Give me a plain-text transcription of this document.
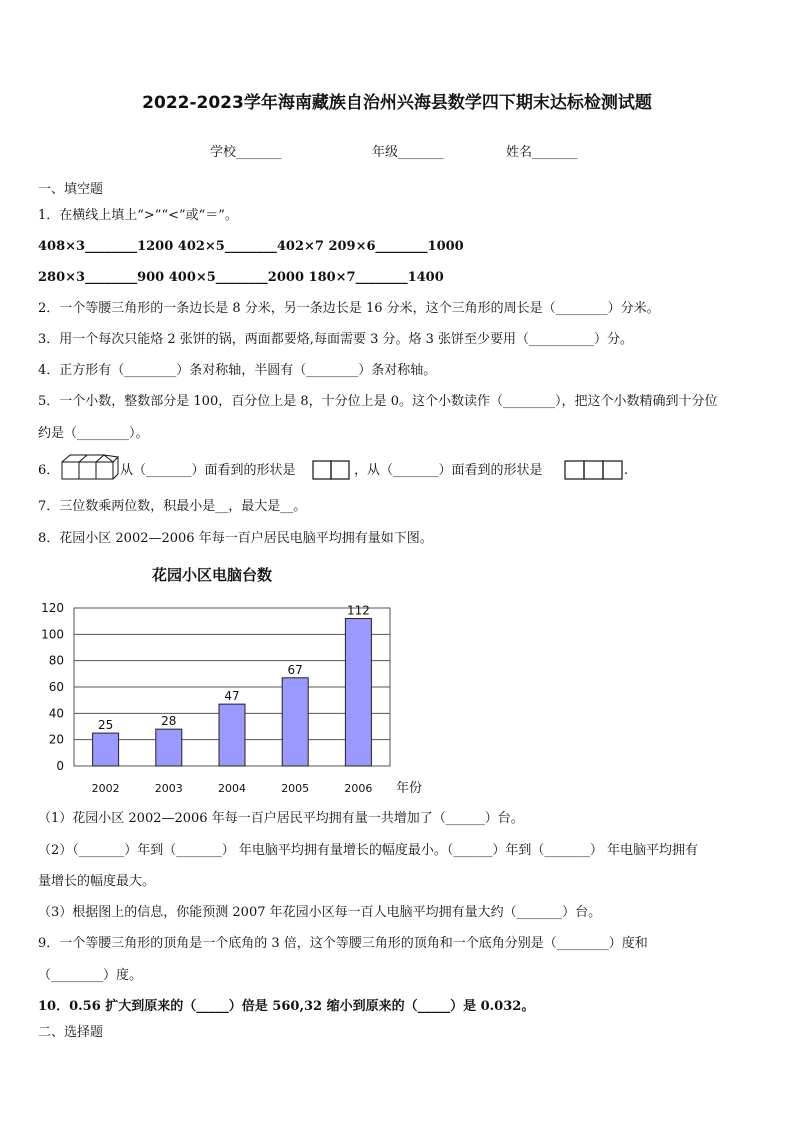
2022-2023学年海南藏族自治州兴海县数学四下期末达标检测试题
学校_______	年级_______	姓名_______
一、填空题
1．在横线上填上“>”“<”或“＝”。
408×3________1200 402×5________402×7 209×6________1000
280×3________900 400×5________2000 180×7________1400
2．一个等腰三角形的一条边长是 8 分米，另一条边长是 16 分米，这个三角形的周长是（________）分米。
3．用一个每次只能烙 2 张饼的锅，两面都要烙,每面需要 3 分。烙 3 张饼至少要用（__________）分。
4．正方形有（________）条对称轴，半圆有（________）条对称轴。
5．一个小数，整数部分是 100，百分位上是 8，十分位上是 0。这个小数读作（________），把这个小数精确到十分位
约是（________）。
6．	从（_______）面看到的形状是	，从（_______）面看到的形状是	.
7．三位数乘两位数，积最小是__，最大是__。
8．花园小区 2002—2006 年每一百户居民电脑平均拥有量如下图。
花园小区电脑台数
0
20
40
60
80
100
120
25
2002
28
2003
47
2004
67
2005
112
2006 年份
（1）花园小区 2002—2006 年每一百户居民平均拥有量一共增加了（______）台。
（2）（_______）年到（_______） 年电脑平均拥有量增长的幅度最小。（______）年到（_______） 年电脑平均拥有
量增长的幅度最大。
（3）根据图上的信息，你能预测 2007 年花园小区每一百人电脑平均拥有量大约（_______）台。
9．一个等腰三角形的顶角是一个底角的 3 倍，这个等腰三角形的顶角和一个底角分别是（________）度和
（________）度。
10．0.56 扩大到原来的（_____）倍是 560,32 缩小到原来的（_____）是 0.032。
二、选择题
